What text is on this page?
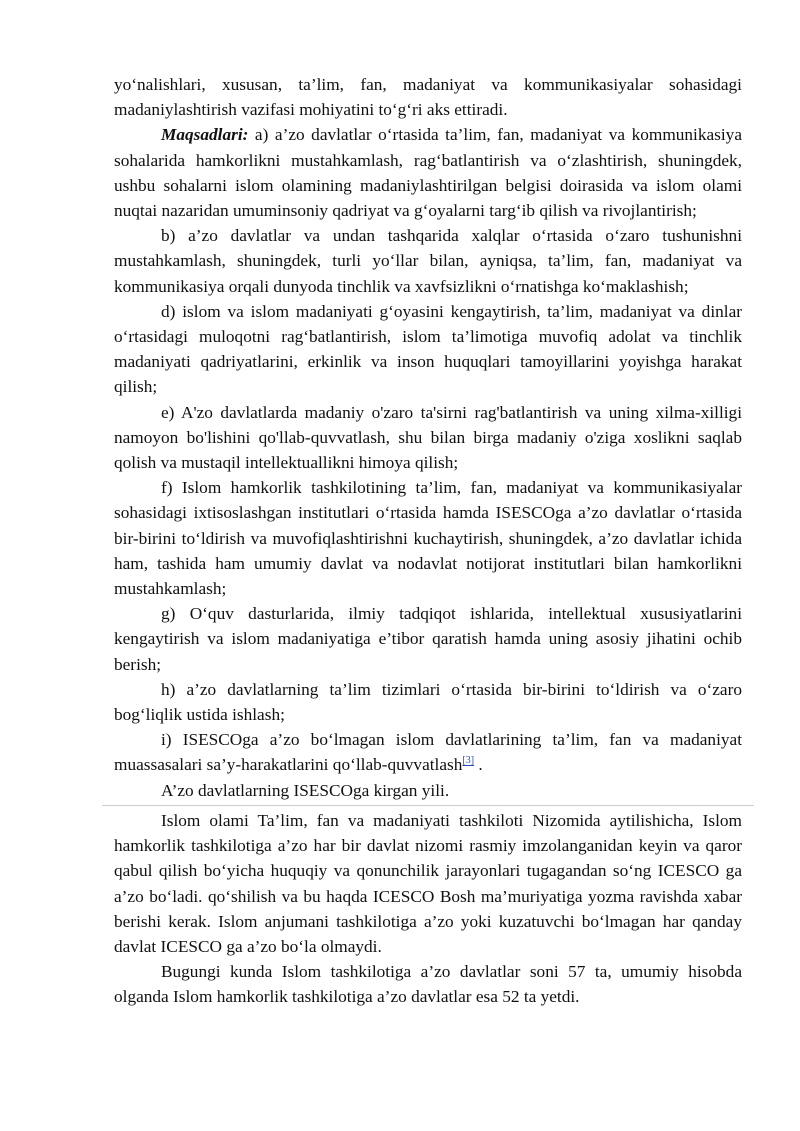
yo‘nalishlari, xususan, ta’lim, fan, madaniyat va kommunikasiyalar sohasidagi madaniylashtirish vazifasi mohiyatini to‘g‘ri aks ettiradi.

Maqsadlari: a) a’zo davlatlar o‘rtasida ta’lim, fan, madaniyat va kommunikasiya sohalarida hamkorlikni mustahkamlash, rag‘batlantirish va o‘zlashtirish, shuningdek, ushbu sohalarni islom olamining madaniylashtirilgan belgisi doirasida va islom olami nuqtai nazaridan umuminsoniy qadriyat va g‘oyalarni targ‘ib qilish va rivojlantirish;

b) a’zo davlatlar va undan tashqarida xalqlar o‘rtasida o‘zaro tushunishni mustahkamlash, shuningdek, turli yo‘llar bilan, ayniqsa, ta’lim, fan, madaniyat va kommunikasiya orqali dunyoda tinchlik va xavfsizlikni o‘rnatishga ko‘maklashish;

d) islom va islom madaniyati g‘oyasini kengaytirish, ta’lim, madaniyat va dinlar o‘rtasidagi muloqotni rag‘batlantirish, islom ta’limotiga muvofiq adolat va tinchlik madaniyati qadriyatlarini, erkinlik va inson huquqlari tamoyillarini yoyishga harakat qilish;

e) A'zo davlatlarda madaniy o'zaro ta'sirni rag'batlantirish va uning xilma-xilligi namoyon bo'lishini qo'llab-quvvatlash, shu bilan birga madaniy o'ziga xoslikni saqlab qolish va mustaqil intellektuallikni himoya qilish;

f) Islom hamkorlik tashkilotining ta’lim, fan, madaniyat va kommunikasiyalar sohasidagi ixtisoslashgan institutlari o‘rtasida hamda ISESCOga a’zo davlatlar o‘rtasida bir-birini to‘ldirish va muvofiqlashtirishni kuchaytirish, shuningdek, a’zo davlatlar ichida ham, tashida ham umumiy davlat va nodavlat notijorat institutlari bilan hamkorlikni mustahkamlash;

g) O‘quv dasturlarida, ilmiy tadqiqot ishlarida, intellektual xususiyatlarini kengaytirish va islom madaniyatiga e’tibor qaratish hamda uning asosiy jihatini ochib berish;

h) a’zo davlatlarning ta’lim tizimlari o‘rtasida bir-birini to‘ldirish va o‘zaro bog‘liqlik ustida ishlash;

i) ISESCOga a’zo bo‘lmagan islom davlatlarining ta’lim, fan va madaniyat muassasalari sa’y-harakatlarini qo‘llab-quvvatlash[3] .

A’zo davlatlarning ISESCOga kirgan yili.

Islom olami Ta’lim, fan va madaniyati tashkiloti Nizomida aytilishicha, Islom hamkorlik tashkilotiga a’zo har bir davlat nizomi rasmiy imzolanganidan keyin va qaror qabul qilish bo‘yicha huquqiy va qonunchilik jarayonlari tugagandan so‘ng ICESCO ga a’zo bo‘ladi. qo‘shilish va bu haqda ICESCO Bosh ma’muriyatiga yozma ravishda xabar berishi kerak. Islom anjumani tashkilotiga a’zo yoki kuzatuvchi bo‘lmagan har qanday davlat ICESCO ga a’zo bo‘la olmaydi.

Bugungi kunda Islom tashkilotiga a’zo davlatlar soni 57 ta, umumiy hisobda olganda Islom hamkorlik tashkilotiga a’zo davlatlar esa 52 ta yetdi.
